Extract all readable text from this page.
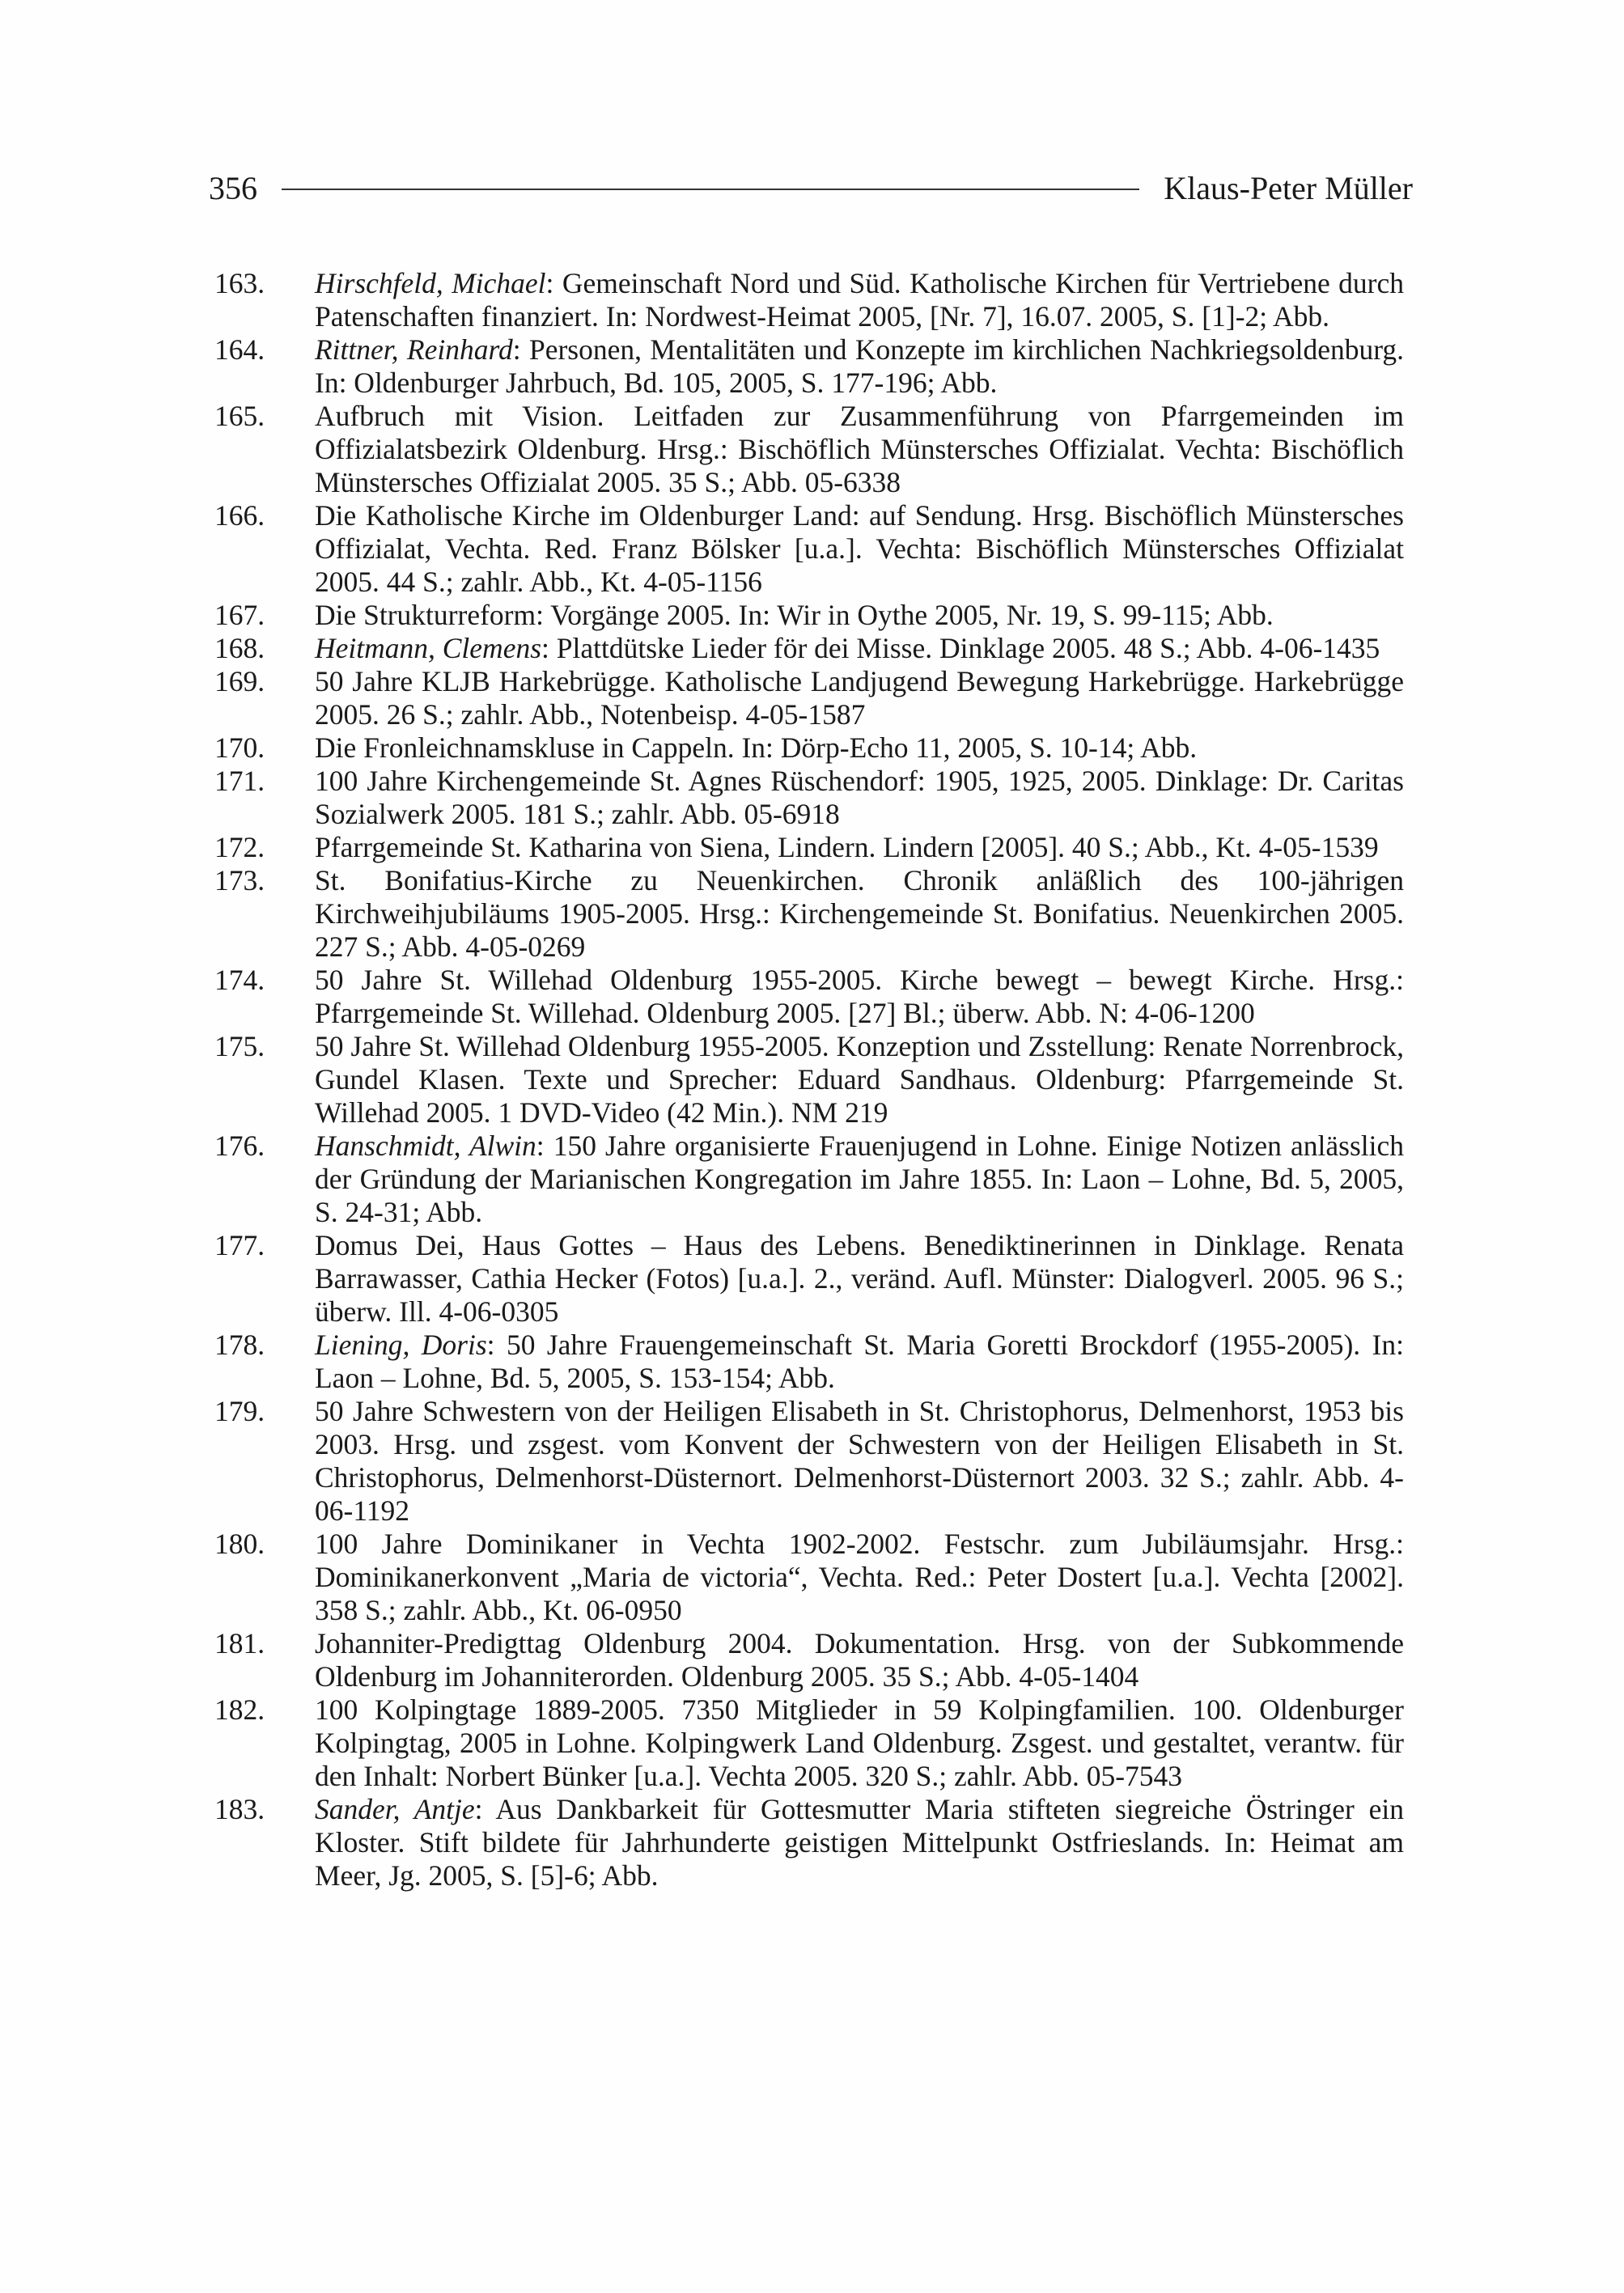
356	Klaus-Peter Müller
163.	Hirschfeld, Michael: Gemeinschaft Nord und Süd. Katholische Kirchen für Vertriebene durch Patenschaften finanziert. In: Nordwest-Heimat 2005, [Nr. 7], 16.07. 2005, S. [1]-2; Abb.
164.	Rittner, Reinhard: Personen, Mentalitäten und Konzepte im kirchlichen Nachkriegsoldenburg. In: Oldenburger Jahrbuch, Bd. 105, 2005, S. 177-196; Abb.
165.	Aufbruch mit Vision. Leitfaden zur Zusammenführung von Pfarrgemeinden im Offizialatsbezirk Oldenburg. Hrsg.: Bischöflich Münstersches Offizialat. Vechta: Bischöflich Münstersches Offizialat 2005. 35 S.; Abb. 05-6338
166.	Die Katholische Kirche im Oldenburger Land: auf Sendung. Hrsg. Bischöflich Münstersches Offizialat, Vechta. Red. Franz Bölsker [u.a.]. Vechta: Bischöflich Münstersches Offizialat 2005. 44 S.; zahlr. Abb., Kt. 4-05-1156
167.	Die Strukturreform: Vorgänge 2005. In: Wir in Oythe 2005, Nr. 19, S. 99-115; Abb.
168.	Heitmann, Clemens: Plattdütske Lieder för dei Misse. Dinklage 2005. 48 S.; Abb. 4-06-1435
169.	50 Jahre KLJB Harkebrügge. Katholische Landjugend Bewegung Harkebrügge. Harkebrügge 2005. 26 S.; zahlr. Abb., Notenbeisp. 4-05-1587
170.	Die Fronleichnamskluse in Cappeln. In: Dörp-Echo 11, 2005, S. 10-14; Abb.
171.	100 Jahre Kirchengemeinde St. Agnes Rüschendorf: 1905, 1925, 2005. Dinklage: Dr. Caritas Sozialwerk 2005. 181 S.; zahlr. Abb. 05-6918
172.	Pfarrgemeinde St. Katharina von Siena, Lindern. Lindern [2005]. 40 S.; Abb., Kt. 4-05-1539
173.	St. Bonifatius-Kirche zu Neuenkirchen. Chronik anläßlich des 100-jährigen Kirchweihjubiläums 1905-2005. Hrsg.: Kirchengemeinde St. Bonifatius. Neuenkirchen 2005. 227 S.; Abb. 4-05-0269
174.	50 Jahre St. Willehad Oldenburg 1955-2005. Kirche bewegt – bewegt Kirche. Hrsg.: Pfarrgemeinde St. Willehad. Oldenburg 2005. [27] Bl.; überw. Abb. N: 4-06-1200
175.	50 Jahre St. Willehad Oldenburg 1955-2005. Konzeption und Zsstellung: Renate Norrenbrock, Gundel Klasen. Texte und Sprecher: Eduard Sandhaus. Oldenburg: Pfarrgemeinde St. Willehad 2005. 1 DVD-Video (42 Min.). NM 219
176.	Hanschmidt, Alwin: 150 Jahre organisierte Frauenjugend in Lohne. Einige Notizen anlässlich der Gründung der Marianischen Kongregation im Jahre 1855. In: Laon – Lohne, Bd. 5, 2005, S. 24-31; Abb.
177.	Domus Dei, Haus Gottes – Haus des Lebens. Benediktinerinnen in Dinklage. Renata Barrawasser, Cathia Hecker (Fotos) [u.a.]. 2., veränd. Aufl. Münster: Dialogverl. 2005. 96 S.; überw. Ill. 4-06-0305
178.	Liening, Doris: 50 Jahre Frauengemeinschaft St. Maria Goretti Brockdorf (1955-2005). In: Laon – Lohne, Bd. 5, 2005, S. 153-154; Abb.
179.	50 Jahre Schwestern von der Heiligen Elisabeth in St. Christophorus, Delmenhorst, 1953 bis 2003. Hrsg. und zsgest. vom Konvent der Schwestern von der Heiligen Elisabeth in St. Christophorus, Delmenhorst-Düsternort. Delmenhorst-Düsternort 2003. 32 S.; zahlr. Abb. 4-06-1192
180.	100 Jahre Dominikaner in Vechta 1902-2002. Festschr. zum Jubiläumsjahr. Hrsg.: Dominikanerkonvent „Maria de victoria“, Vechta. Red.: Peter Dostert [u.a.]. Vechta [2002]. 358 S.; zahlr. Abb., Kt. 06-0950
181.	Johanniter-Predigttag Oldenburg 2004. Dokumentation. Hrsg. von der Subkommende Oldenburg im Johanniterorden. Oldenburg 2005. 35 S.; Abb. 4-05-1404
182.	100 Kolpingtage 1889-2005. 7350 Mitglieder in 59 Kolpingfamilien. 100. Oldenburger Kolpingtag, 2005 in Lohne. Kolpingwerk Land Oldenburg. Zsgest. und gestaltet, verantw. für den Inhalt: Norbert Bünker [u.a.]. Vechta 2005. 320 S.; zahlr. Abb. 05-7543
183.	Sander, Antje: Aus Dankbarkeit für Gottesmutter Maria stifteten siegreiche Östringer ein Kloster. Stift bildete für Jahrhunderte geistigen Mittelpunkt Ostfrieslands. In: Heimat am Meer, Jg. 2005, S. [5]-6; Abb.
